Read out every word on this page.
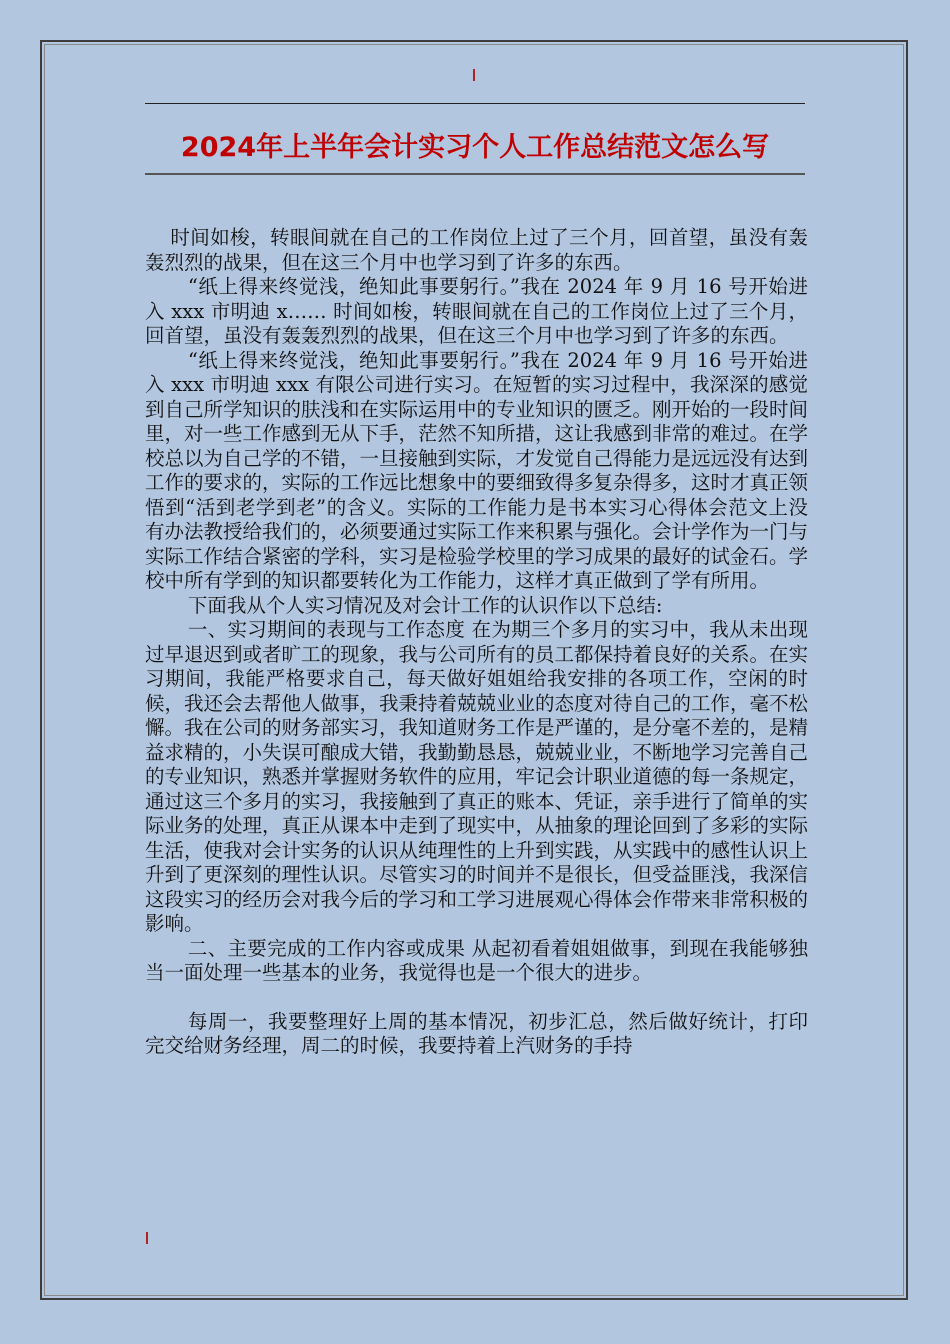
2024年上半年会计实习个人工作总结范文怎么写

时间如梭，转眼间就在自己的工作岗位上过了三个月，回首望，虽没有轰轰烈烈的战果，但在这三个月中也学习到了许多的东西。

“纸上得来终觉浅，绝知此事要躬行。”我在 2024 年 9 月 16 号开始进入 xxx 市明迪 x…… 时间如梭，转眼间就在自己的工作岗位上过了三个月，回首望，虽没有轰轰烈烈的战果，但在这三个月中也学习到了许多的东西。

“纸上得来终觉浅，绝知此事要躬行。”我在 2024 年 9 月 16 号开始进入 xxx 市明迪 xxx 有限公司进行实习。在短暂的实习过程中，我深深的感觉到自己所学知识的肤浅和在实际运用中的专业知识的匮乏。刚开始的一段时间里，对一些工作感到无从下手，茫然不知所措，这让我感到非常的难过。在学校总以为自己学的不错，一旦接触到实际，才发觉自己得能力是远远没有达到工作的要求的，实际的工作远比想象中的要细致得多复杂得多，这时才真正领悟到“活到老学到老”的含义。实际的工作能力是书本实习心得体会范文上没有办法教授给我们的，必须要通过实际工作来积累与强化。会计学作为一门与实际工作结合紧密的学科，实习是检验学校里的学习成果的最好的试金石。学校中所有学到的知识都要转化为工作能力，这样才真正做到了学有所用。

下面我从个人实习情况及对会计工作的认识作以下总结:

一、实习期间的表现与工作态度 在为期三个多月的实习中，我从未出现过早退迟到或者旷工的现象，我与公司所有的员工都保持着良好的关系。在实习期间，我能严格要求自己，每天做好姐姐给我安排的各项工作，空闲的时候，我还会去帮他人做事，我秉持着兢兢业业的态度对待自己的工作，毫不松懈。我在公司的财务部实习，我知道财务工作是严谨的，是分毫不差的，是精益求精的，小失误可酿成大错，我勤勤恳恳，兢兢业业，不断地学习完善自己的专业知识，熟悉并掌握财务软件的应用，牢记会计职业道德的每一条规定，通过这三个多月的实习，我接触到了真正的账本、凭证，亲手进行了简单的实际业务的处理，真正从课本中走到了现实中，从抽象的理论回到了多彩的实际生活，使我对会计实务的认识从纯理性的上升到实践，从实践中的感性认识上升到了更深刻的理性认识。尽管实习的时间并不是很长，但受益匪浅，我深信这段实习的经历会对我今后的学习和工学习进展观心得体会作带来非常积极的影响。

二、主要完成的工作内容或成果 从起初看着姐姐做事，到现在我能够独当一面处理一些基本的业务，我觉得也是一个很大的进步。

每周一，我要整理好上周的基本情况，初步汇总，然后做好统计，打印完交给财务经理，周二的时候，我要持着上汽财务的手持
